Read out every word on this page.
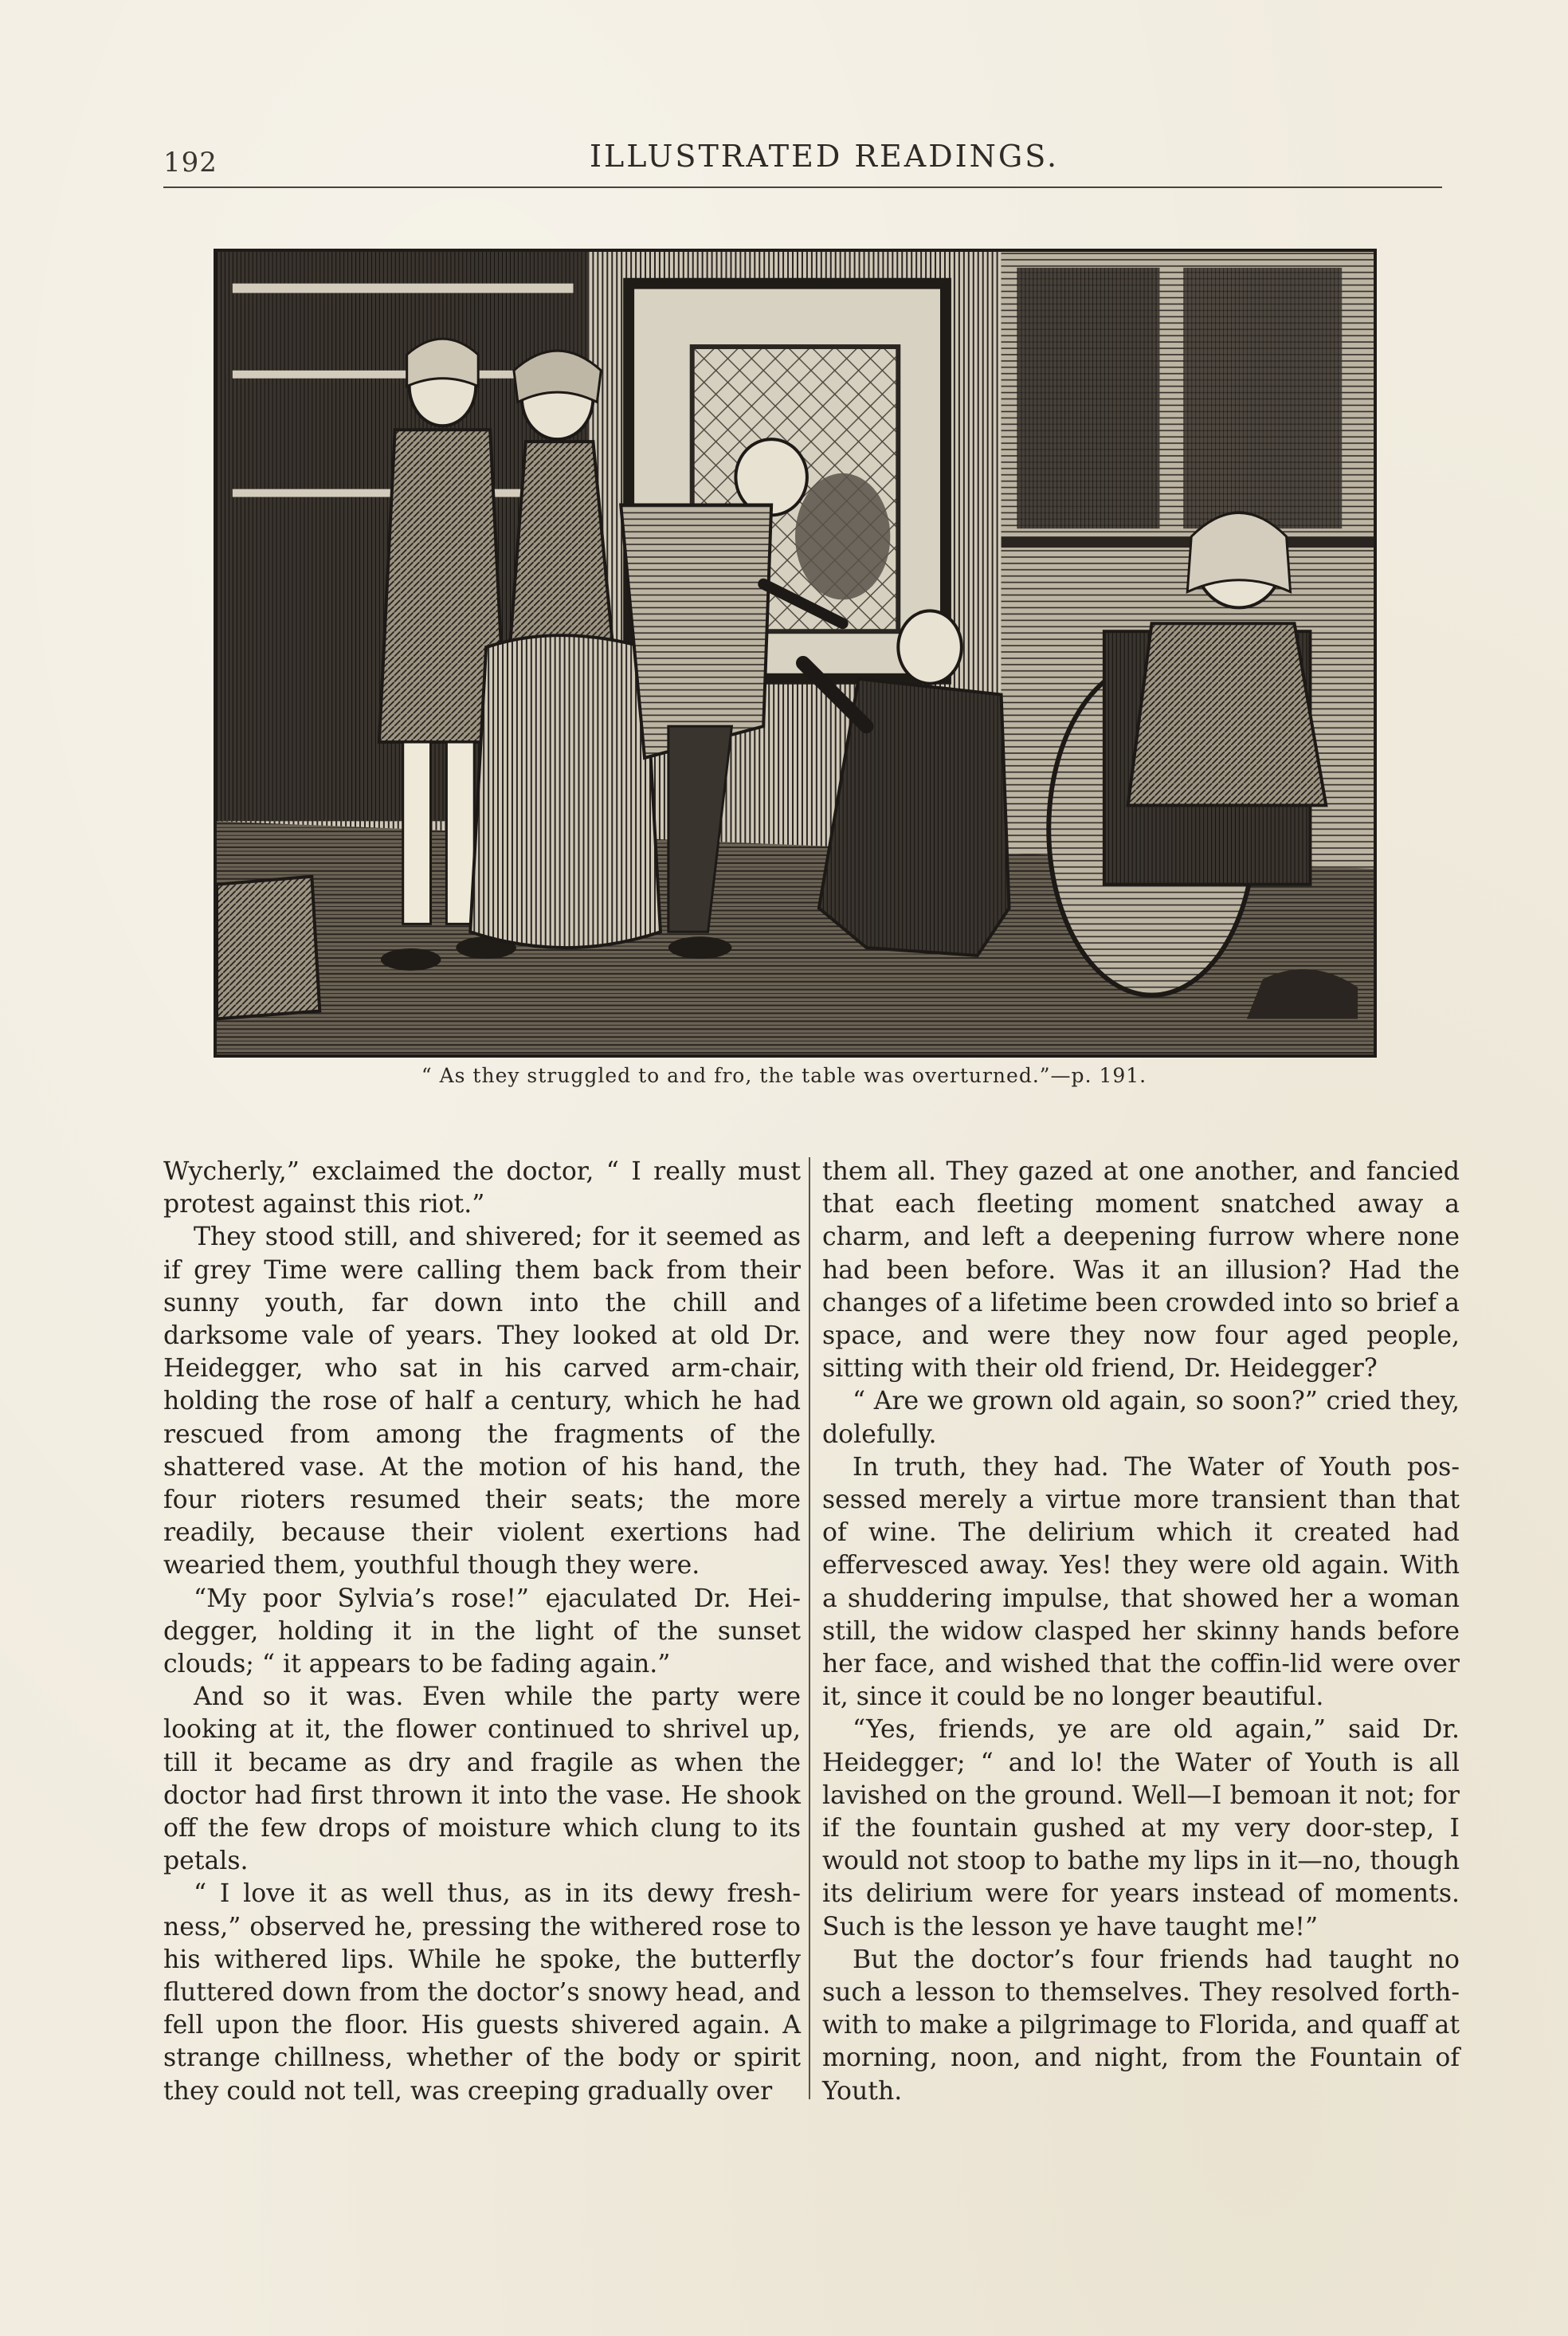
192	ILLUSTRATED READINGS.
“ As they struggled to and fro, the table was overturned.”—p. 191.

Wycherly,” exclaimed the doctor, “ I really must protest against this riot.”

They stood still, and shivered; for it seemed as if grey Time were calling them back from their sunny youth, far down into the chill and darksome vale of years. They looked at old Dr. Heidegger, who sat in his carved arm-chair, holding the rose of half a century, which he had rescued from among the fragments of the shattered vase. At the motion of his hand, the four rioters resumed their seats; the more readily, because their violent exertions had wearied them, youthful though they were.

“My poor Sylvia’s rose!” ejaculated Dr. Heidegger, holding it in the light of the sunset clouds; “ it appears to be fading again.”

And so it was. Even while the party were looking at it, the flower continued to shrivel up, till it became as dry and fragile as when the doctor had first thrown it into the vase. He shook off the few drops of moisture which clung to its petals.

“ I love it as well thus, as in its dewy freshness,” observed he, pressing the withered rose to his withered lips. While he spoke, the butterfly fluttered down from the doctor’s snowy head, and fell upon the floor. His guests shivered again. A strange chillness, whether of the body or spirit they could not tell, was creeping gradually over

them all. They gazed at one another, and fancied that each fleeting moment snatched away a charm, and left a deepening furrow where none had been before. Was it an illusion? Had the changes of a lifetime been crowded into so brief a space, and were they now four aged people, sitting with their old friend, Dr. Heidegger?

“ Are we grown old again, so soon?” cried they, dolefully.

In truth, they had. The Water of Youth possessed merely a virtue more transient than that of wine. The delirium which it created had effervesced away. Yes! they were old again. With a shuddering impulse, that showed her a woman still, the widow clasped her skinny hands before her face, and wished that the coffin-lid were over it, since it could be no longer beautiful.

“Yes, friends, ye are old again,” said Dr. Heidegger; “ and lo! the Water of Youth is all lavished on the ground. Well—I bemoan it not; for if the fountain gushed at my very door-step, I would not stoop to bathe my lips in it—no, though its delirium were for years instead of moments. Such is the lesson ye have taught me!”

But the doctor’s four friends had taught no such a lesson to themselves. They resolved forthwith to make a pilgrimage to Florida, and quaff at morning, noon, and night, from the Fountain of Youth.
